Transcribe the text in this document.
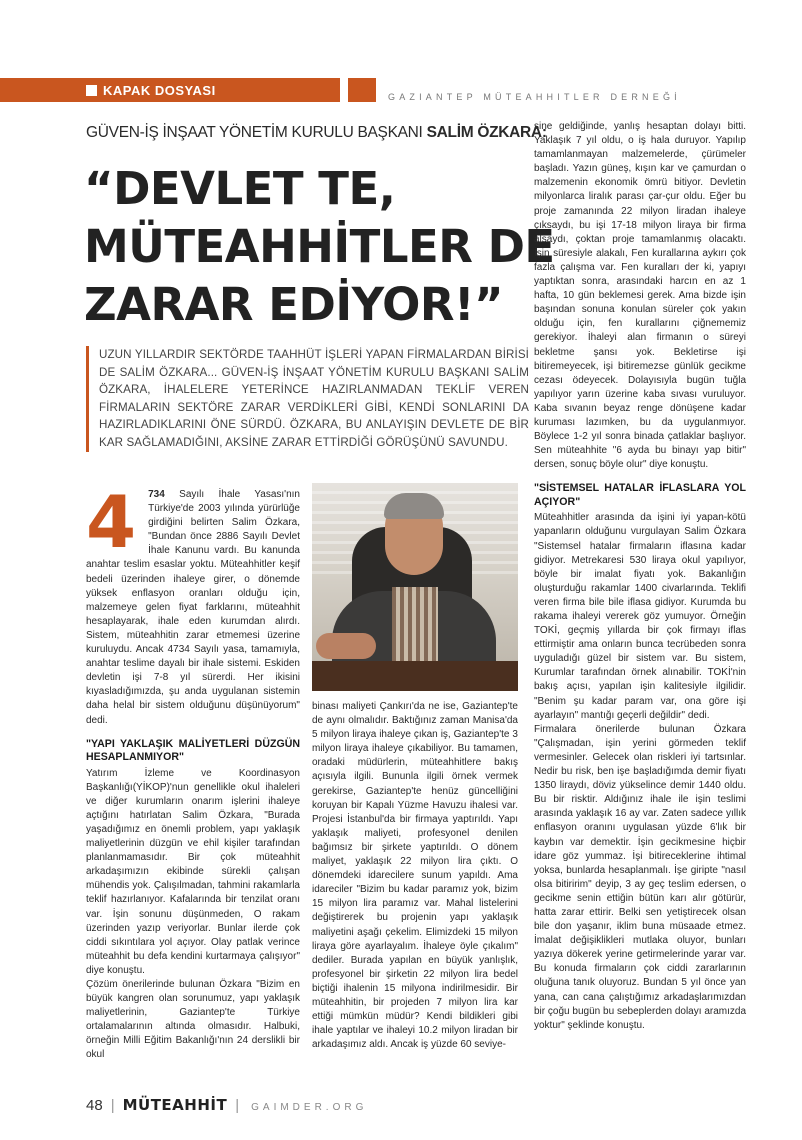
KAPAK DOSYASI	GAZIANTEP MÜTEAHHITLER DERNEĞİ
GÜVEN-İŞ İNŞAAT YÖNETİM KURULU BAŞKANI SALİM ÖZKARA:
“DEVLET TE,
MÜTEAHHİTLER DE
ZARAR EDİYOR!”
UZUN YILLARDIR SEKTÖRDE TAAHHÜT İŞLERİ YAPAN FİRMALARDAN BİRİSİ DE SALİM ÖZKARA... GÜVEN-İŞ İNŞAAT YÖNETİM KURULU BAŞKANI SALİM ÖZKARA, İHALELERE YETERİNCE HAZIRLANMADAN TEKLİF VEREN FİRMALARIN SEKTÖRE ZARAR VERDİKLERİ GİBİ, KENDİ SONLARINI DA HAZIRLADIKLARINI ÖNE SÜRDÜ. ÖZKARA, BU ANLAYIŞIN DEVLETE DE BİR KAR SAĞLAMADIĞINI, AKSİNE ZARAR ETTİRDİĞİ GÖRÜŞÜNÜ SAVUNDU.
4	734 Sayılı İhale Yasası'nın Türkiye'de 2003 yılında yürürlüğe girdiğini belirten Salim Özkara, "Bundan önce 2886 Sayılı Devlet İhale Kanunu vardı. Bu kanunda anahtar teslim esaslar yoktu. Müteahhitler keşif bedeli üzerinden ihaleye girer, o dönemde yüksek enflasyon oranları olduğu için, malzemeye gelen fiyat farklarını, müteahhit hesaplayarak, ihale eden kurumdan alırdı. Sistem, müteahhitin zarar etmemesi üzerine kuruluydu. Ancak 4734 Sayılı yasa, tamamıyla, anahtar teslime dayalı bir ihale sistemi. Eskiden devletin işi 7-8 yıl sürerdi. Her ikisini kıyasladığımızda, şu anda uygulanan sistemin daha helal bir sistem olduğunu düşünüyorum" dedi.

"YAPI YAKLAŞIK MALİYETLERİ DÜZGÜN HESAPLANMIYOR"

Yatırım İzleme ve Koordinasyon Başkanlığı(YİKOP)'nun genellikle okul ihaleleri ve diğer kurumların onarım işlerini ihaleye açtığını hatırlatan Salim Özkara, "Burada yaşadığımız en önemli problem, yapı yaklaşık maliyetlerinin düzgün ve ehil kişiler tarafından planlanmamasıdır. Bir çok müteahhit arkadaşımızın ekibinde sürekli çalışan mühendis yok. Çalışılmadan, tahmini rakamlarla teklif hazırlanıyor. Kafalarında bir tenzilat oranı var. İşin sonunu düşünmeden, O rakam üzerinden yazıp veriyorlar. Bunlar ilerde çok ciddi sıkıntılara yol açıyor. Olay patlak verince müteahhit bu defa kendini kurtarmaya çalışıyor" diye konuştu.

Çözüm önerilerinde bulunan Özkara "Bizim en büyük kangren olan sorunumuz, yapı yaklaşık maliyetlerinin, Gaziantep'te Türkiye ortalamalarının altında olmasıdır. Halbuki, örneğin Milli Eğitim Bakanlığı'nın 24 derslikli bir okul

binası maliyeti Çankırı'da ne ise, Gaziantep'te de aynı olmalıdır. Baktığınız zaman Manisa'da 5 milyon liraya ihaleye çıkan iş, Gaziantep'te 3 milyon liraya ihaleye çıkabiliyor. Bu tamamen, oradaki müdürlerin, müteahhitlere bakış açısıyla ilgili. Bununla ilgili örnek vermek gerekirse, Gaziantep'te henüz güncelliğini koruyan bir Kapalı Yüzme Havuzu ihalesi var. Projesi İstanbul'da bir firmaya yaptırıldı. Yapı yaklaşık maliyeti, profesyonel denilen bağımsız bir şirkete yaptırıldı. O dönem maliyet, yaklaşık 22 milyon lira çıktı. O dönemdeki idarecilere sunum yapıldı. Ama idareciler "Bizim bu kadar paramız yok, bizim 15 milyon lira paramız var. Mahal listelerini değiştirerek bu projenin yapı yaklaşık maliyetini aşağı çekelim. Elimizdeki 15 milyon liraya göre ayarlayalım. İhaleye öyle çıkalım" dediler. Burada yapılan en büyük yanlışlık, profesyonel bir şirketin 22 milyon lira bedel biçtiği ihalenin 15 milyona indirilmesidir. Bir müteahhitin, bir projeden 7 milyon lira kar ettiği mümkün müdür? Kendi bildikleri gibi ihale yaptılar ve ihaleyi 10.2 milyon liradan bir arkadaşımız aldı. Ancak iş yüzde 60 seviye-

sine geldiğinde, yanlış hesaptan dolayı bitti. Yaklaşık 7 yıl oldu, o iş hala duruyor. Yapılıp tamamlanmayan malzemelerde, çürümeler başladı. Yazın güneş, kışın kar ve çamurdan o malzemenin ekonomik ömrü bitiyor. Devletin milyonlarca liralık parası çar-çur oldu. Eğer bu proje zamanında 22 milyon liradan ihaleye çıksaydı, bu işi 17-18 milyon liraya bir firma alsaydı, çoktan proje tamamlanmış olacaktı. İşin süresiyle alakalı, Fen kurallarına aykırı çok fazla çalışma var. Fen kuralları der ki, yapıyı yaptıktan sonra, arasındaki harcın en az 1 hafta, 10 gün beklemesi gerek. Ama bizde işin başından sonuna konulan süreler çok yakın olduğu için, fen kurallarını çiğnememiz gerekiyor. İhaleyi alan firmanın o süreyi bekletme şansı yok. Bekletirse işi bitiremeyecek, işi bitiremezse günlük gecikme cezası ödeyecek. Dolayısıyla bugün tuğla yapılıyor yarın üzerine kaba sıvası vuruluyor. Kaba sıvanın beyaz renge dönüşene kadar kuruması lazımken, bu da uygulanmıyor. Böylece 1-2 yıl sonra binada çatlaklar başlıyor. Sen müteahhite "6 ayda bu binayı yap bitir" dersen, sonuç böyle olur" diye konuştu.

"SİSTEMSEL HATALAR İFLASLARA YOL AÇIYOR"

Müteahhitler arasında da işini iyi yapan-kötü yapanların olduğunu vurgulayan Salim Özkara "Sistemsel hatalar firmaların iflasına kadar gidiyor. Metrekaresi 530 liraya okul yapılıyor, böyle bir imalat fiyatı yok. Bakanlığın oluşturduğu rakamlar 1400 civarlarında. Teklifi veren firma bile bile iflasa gidiyor. Kurumda bu rakama ihaleyi vererek göz yumuyor. Örneğin TOKİ, geçmiş yıllarda bir çok firmayı iflas ettirmiştir ama onların bunca tecrübeden sonra uyguladığı güzel bir sistem var. Bu sistem, Kurumlar tarafından örnek alınabilir. TOKİ'nin bakış açısı, yapılan işin kalitesiyle ilgilidir. "Benim şu kadar param var, ona göre işi ayarlayın" mantığı geçerli değildir" dedi.

Firmalara önerilerde bulunan Özkara "Çalışmadan, işin yerini görmeden teklif vermesinler. Gelecek olan riskleri iyi tartsınlar. Nedir bu risk, ben işe başladığımda demir fiyatı 1350 liraydı, döviz yükselince demir 1440 oldu. Bu bir risktir. Aldığınız ihale ile işin teslimi arasında yaklaşık 16 ay var. Zaten sadece yıllık enflasyon oranını uygulasan yüzde 6'lık bir kaybın var demektir. İşin gecikmesine hiçbir idare göz yummaz. İşi bitireceklerine ihtimal yoksa, bunlarda hesaplanmalı. İşe giripte "nasıl olsa bitiririm" deyip, 3 ay geç teslim edersen, o gecikme senin ettiğin bütün karı alır götürür, hatta zarar ettirir. Belki sen yetiştirecek olsan bile don yaşanır, iklim buna müsaade etmez. İmalat değişiklikleri mutlaka oluyor, bunları yazıya dökerek yerine getirmelerinde yarar var. Bu konuda firmaların çok ciddi zararlarının oluğuna tanık oluyoruz. Bundan 5 yıl önce yan yana, can cana çalıştığımız arkadaşlarımızdan bir çoğu bugün bu sebeplerden dolayı aramızda yoktur" şeklinde konuştu.

48 | MÜTEAHHİT | GAIMDER.ORG
